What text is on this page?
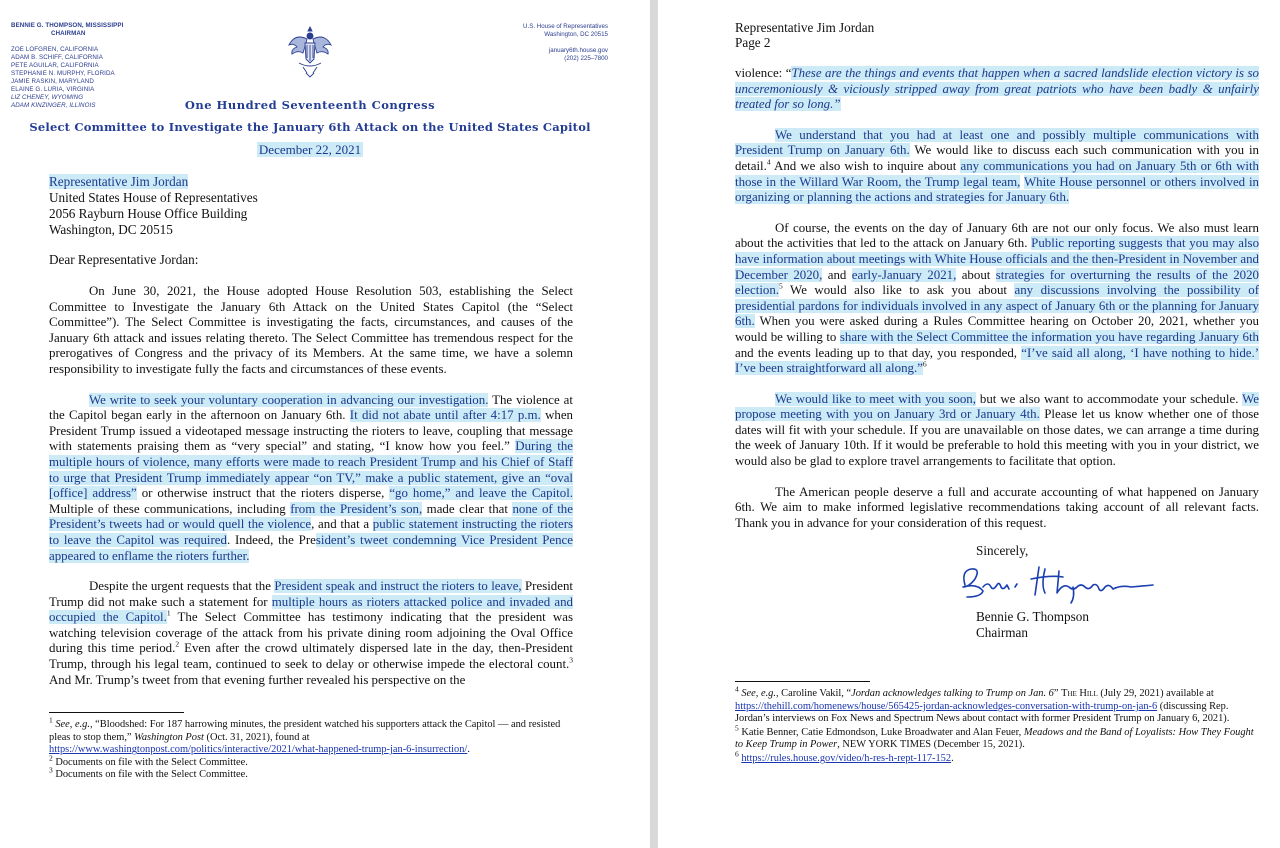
BENNIE G. THOMPSON, MISSISSIPPI
CHAIRMAN
ZOE LOFGREN, CALIFORNIA
ADAM B. SCHIFF, CALIFORNIA
PETE AGUILAR, CALIFORNIA
STEPHANIE N. MURPHY, FLORIDA
JAMIE RASKIN, MARYLAND
ELAINE G. LURIA, VIRGINIA
LIZ CHENEY, WYOMING
ADAM KINZINGER, ILLINOIS
U.S. House of Representatives
Washington, DC 20515
january6th.house.gov
(202) 225–7800
One Hundred Seventeenth Congress
Select Committee to Investigate the January 6th Attack on the United States Capitol
December 22, 2021
Representative Jim Jordan
United States House of Representatives
2056 Rayburn House Office Building
Washington, DC 20515
Dear Representative Jordan:

On June 30, 2021, the House adopted House Resolution 503, establishing the Select Committee to Investigate the January 6th Attack on the United States Capitol (the “Select Committee”). The Select Committee is investigating the facts, circumstances, and causes of the January 6th attack and issues relating thereto. The Select Committee has tremendous respect for the prerogatives of Congress and the privacy of its Members. At the same time, we have a solemn responsibility to investigate fully the facts and circumstances of these events.

We write to seek your voluntary cooperation in advancing our investigation. The violence at the Capitol began early in the afternoon on January 6th. It did not abate until after 4:17 p.m. when President Trump issued a videotaped message instructing the rioters to leave, coupling that message with statements praising them as “very special” and stating, “I know how you feel.” During the multiple hours of violence, many efforts were made to reach President Trump and his Chief of Staff to urge that President Trump immediately appear “on TV,” make a public statement, give an “oval [office] address” or otherwise instruct that the rioters disperse, “go home,” and leave the Capitol. Multiple of these communications, including from the President’s son, made clear that none of the President’s tweets had or would quell the violence, and that a public statement instructing the rioters to leave the Capitol was required. Indeed, the President’s tweet condemning Vice President Pence appeared to enflame the rioters further.

Despite the urgent requests that the President speak and instruct the rioters to leave, President Trump did not make such a statement for multiple hours as rioters attacked police and invaded and occupied the Capitol.$^1$ The Select Committee has testimony indicating that the president was watching television coverage of the attack from his private dining room adjoining the Oval Office during this time period.$^2$ Even after the crowd ultimately dispersed late in the day, then-President Trump, through his legal team, continued to seek to delay or otherwise impede the electoral count.$^3$ And Mr. Trump’s tweet from that evening further revealed his perspective on the

$^1$ See, e.g., “Bloodshed: For 187 harrowing minutes, the president watched his supporters attack the Capitol — and resisted pleas to stop them,” Washington Post (Oct. 31, 2021), found at
https://www.washingtonpost.com/politics/interactive/2021/what-happened-trump-jan-6-insurrection/.

$^2$ Documents on file with the Select Committee.

$^3$ Documents on file with the Select Committee.

Representative Jim Jordan
Page 2

violence: “These are the things and events that happen when a sacred landslide election victory is so unceremoniously & viciously stripped away from great patriots who have been badly & unfairly treated for so long.”

We understand that you had at least one and possibly multiple communications with President Trump on January 6th. We would like to discuss each such communication with you in detail.$^4$ And we also wish to inquire about any communications you had on January 5th or 6th with those in the Willard War Room, the Trump legal team, White House personnel or others involved in organizing or planning the actions and strategies for January 6th.

Of course, the events on the day of January 6th are not our only focus. We also must learn about the activities that led to the attack on January 6th. Public reporting suggests that you may also have information about meetings with White House officials and the then-President in November and December 2020, and early-January 2021, about strategies for overturning the results of the 2020 election.$^5$ We would also like to ask you about any discussions involving the possibility of presidential pardons for individuals involved in any aspect of January 6th or the planning for January 6th. When you were asked during a Rules Committee hearing on October 20, 2021, whether you would be willing to share with the Select Committee the information you have regarding January 6th and the events leading up to that day, you responded, “I’ve said all along, ‘I have nothing to hide.’ I’ve been straightforward all along.”$^6$

We would like to meet with you soon, but we also want to accommodate your schedule. We propose meeting with you on January 3rd or January 4th. Please let us know whether one of those dates will fit with your schedule. If you are unavailable on those dates, we can arrange a time during the week of January 10th. If it would be preferable to hold this meeting with you in your district, we would also be glad to explore travel arrangements to facilitate that option.

The American people deserve a full and accurate accounting of what happened on January 6th. We aim to make informed legislative recommendations taking account of all relevant facts. Thank you in advance for your consideration of this request.

Sincerely,
Bennie G. Thompson
Chairman

$^4$ See, e.g., Caroline Vakil, “Jordan acknowledges talking to Trump on Jan. 6” The Hill (July 29, 2021) available at
https://thehill.com/homenews/house/565425-jordan-acknowledges-conversation-with-trump-on-jan-6 (discussing Rep. Jordan’s interviews on Fox News and Spectrum News about contact with former President Trump on January 6, 2021).

$^5$ Katie Benner, Catie Edmondson, Luke Broadwater and Alan Feuer, Meadows and the Band of Loyalists: How They Fought to Keep Trump in Power, NEW YORK TIMES (December 15, 2021).

$^6$ https://rules.house.gov/video/h-res-h-rept-117-152.
